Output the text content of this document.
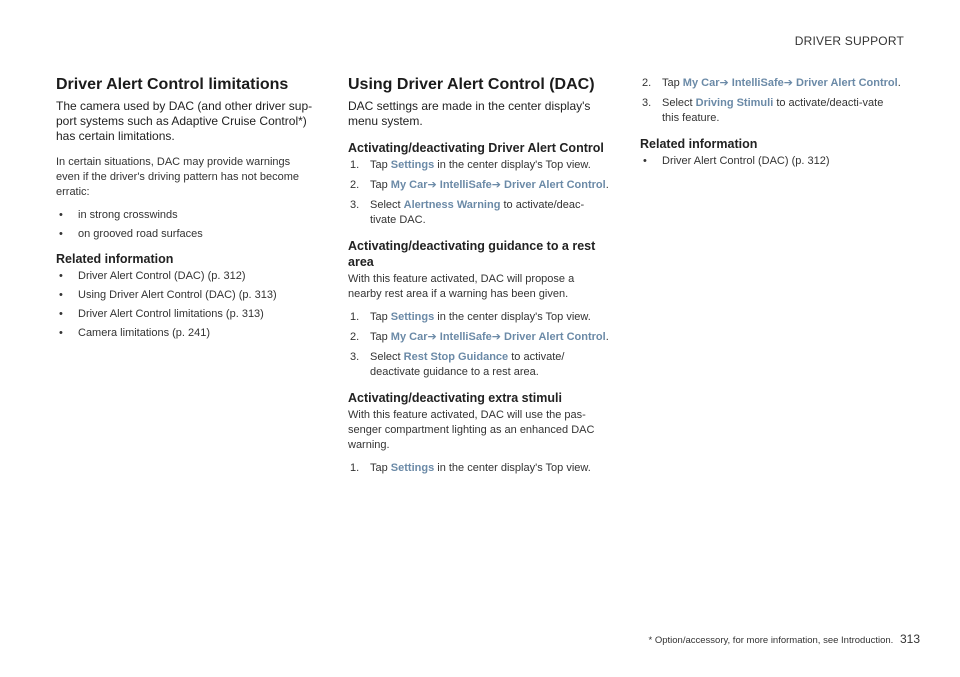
DRIVER SUPPORT
Driver Alert Control limitations
The camera used by DAC (and other driver sup-port systems such as Adaptive Cruise Control*) has certain limitations.

In certain situations, DAC may provide warnings even if the driver's driving pattern has not become erratic:

• in strong crosswinds
• on grooved road surfaces
Related information
• Driver Alert Control (DAC) (p. 312)
• Using Driver Alert Control (DAC) (p. 313)
• Driver Alert Control limitations (p. 313)
• Camera limitations (p. 241)
Using Driver Alert Control (DAC)
DAC settings are made in the center display's menu system.
Activating/deactivating Driver Alert Control
1. Tap Settings in the center display's Top view.
2. Tap My Car➔ IntelliSafe➔ Driver Alert Control.
3. Select Alertness Warning to activate/deac-tivate DAC.
Activating/deactivating guidance to a rest area

With this feature activated, DAC will propose a nearby rest area if a warning has been given.

1. Tap Settings in the center display's Top view.
2. Tap My Car➔ IntelliSafe➔ Driver Alert Control.
3. Select Rest Stop Guidance to activate/ deactivate guidance to a rest area.
Activating/deactivating extra stimuli

With this feature activated, DAC will use the pas-senger compartment lighting as an enhanced DAC warning.

1. Tap Settings in the center display's Top view.
2. Tap My Car➔ IntelliSafe➔ Driver Alert Control.
3. Select Driving Stimuli to activate/deacti-vate this feature.
Related information
• Driver Alert Control (DAC) (p. 312)
* Option/accessory, for more information, see Introduction. 313
